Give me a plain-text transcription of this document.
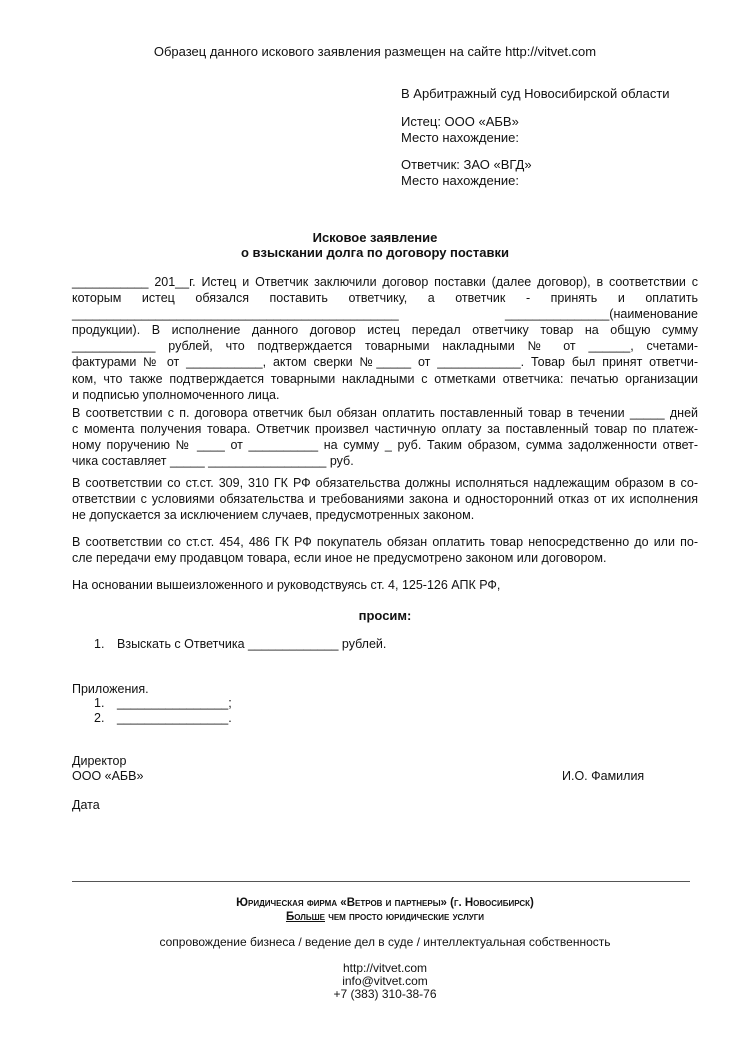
Образец данного искового заявления размещен на сайте http://vitvet.com
В Арбитражный суд Новосибирской области
Истец: ООО «АБВ»
Место нахождение:
Ответчик: ЗАО «ВГД»
Место нахождение:
Исковое заявление
о взыскании долга по договору поставки

___________ 201__г. Истец и Ответчик заключили договор поставки (далее договор), в соответствии с

которым истец обязался поставить ответчику, а ответчик - принять и оплатить

_______________________________________________ _______________(наименование

продукции). В исполнение данного договор истец передал ответчику товар на общую сумму

____________ рублей, что подтверждается товарными накладными № от ______, счетами-

фактурами № от ___________, актом сверки №_____ от ____________. Товар был принят ответчи-

ком, что также подтверждается товарными накладными с отметками ответчика: печатью организации

и подписью уполномоченного лица.

В соответствии с п. договора ответчик был обязан оплатить поставленный товар в течении _____ дней

с момента получения товара. Ответчик произвел частичную оплату за поставленный товар по платеж-

ному поручению № ____ от __________ на сумму _ руб. Таким образом, сумма задолженности ответ-

чика составляет _____ _________________ руб.

В соответствии со ст.ст. 309, 310 ГК РФ обязательства должны исполняться надлежащим образом в со-

ответствии с условиями обязательства и требованиями закона и односторонний отказ от их исполнения

не допускается за исключением случаев, предусмотренных законом.

В соответствии со ст.ст. 454, 486 ГК РФ покупатель обязан оплатить товар непосредственно до или по-

сле передачи ему продавцом товара, если иное не предусмотрено законом или договором.

На основании вышеизложенного и руководствуясь ст. 4, 125-126 АПК РФ,

просим:
1. Взыскать с Ответчика _____________ рублей.
Приложения.
1. ________________;
2. ________________.
Директор
ООО «АБВ»	И.О. Фамилия
Дата
Юридическая фирма «Ветров и партнеры» (г. Новосибирск)
Больше чем просто юридические услуги
сопровождение бизнеса / ведение дел в суде / интеллектуальная собственность
http://vitvet.com
info@vitvet.com
+7 (383) 310-38-76
